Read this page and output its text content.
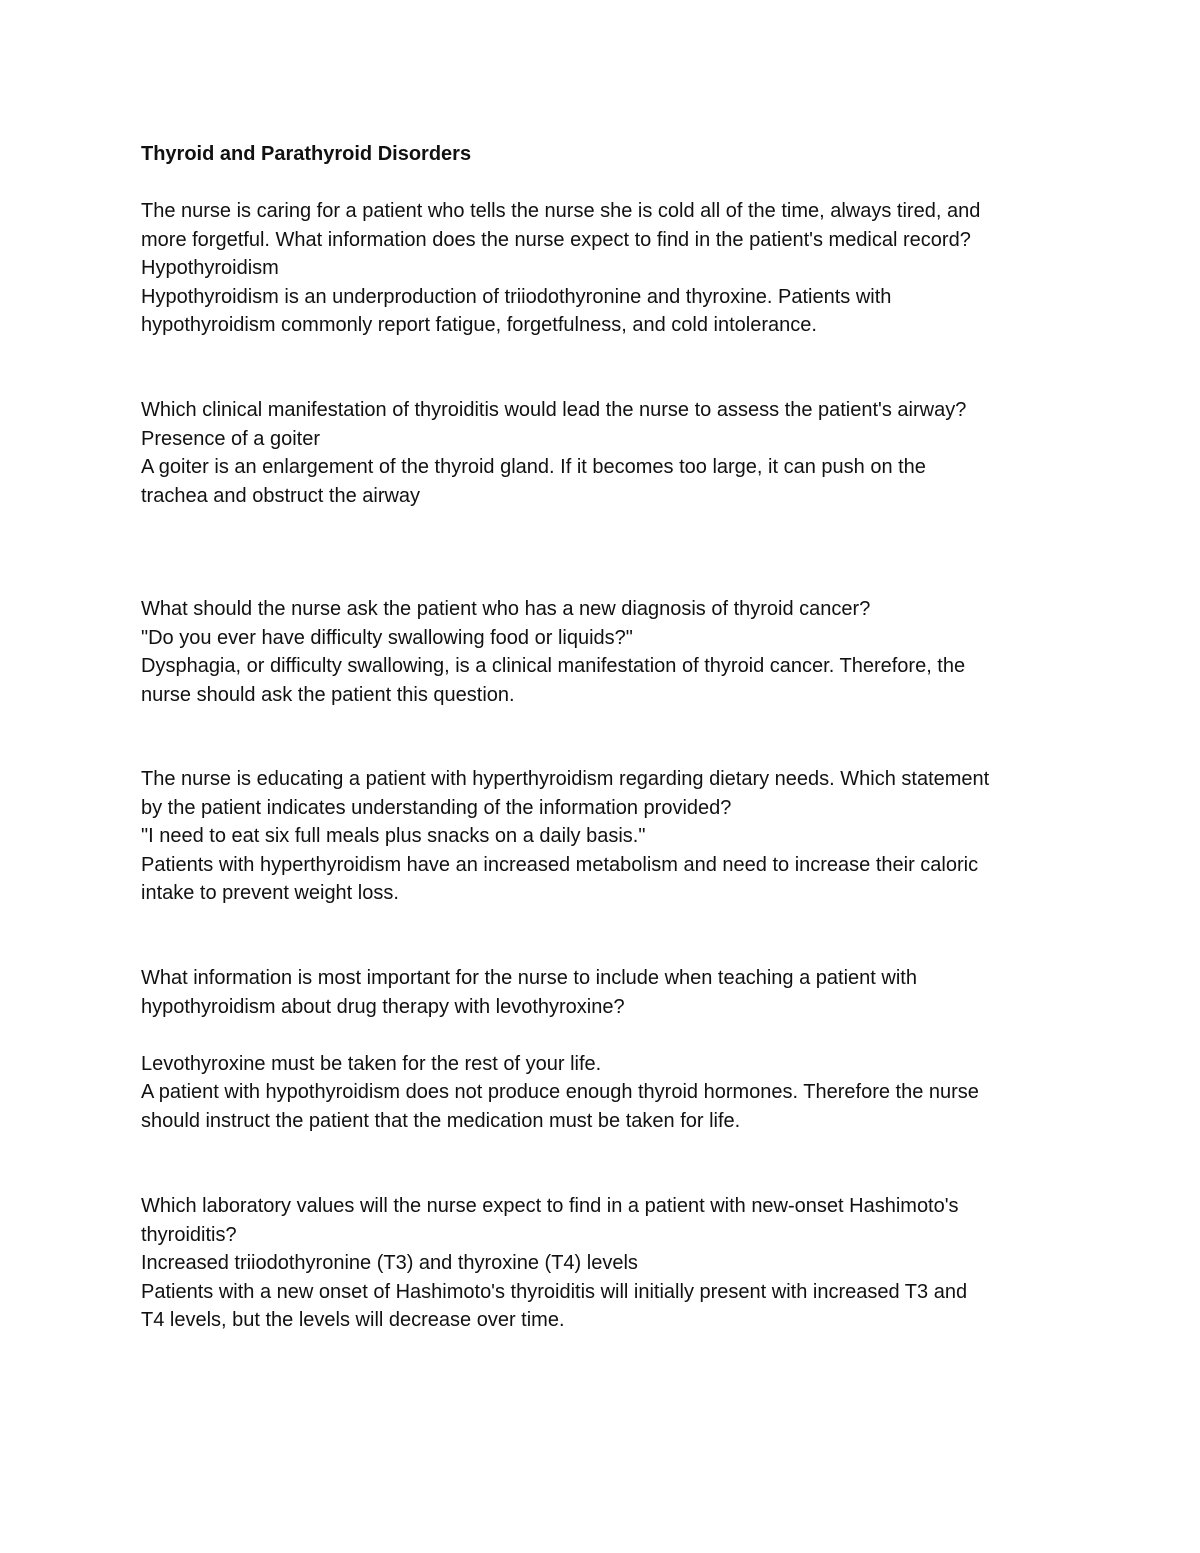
Thyroid and Parathyroid Disorders

The nurse is caring for a patient who tells the nurse she is cold all of the time, always tired, and

more forgetful. What information does the nurse expect to find in the patient's medical record?

Hypothyroidism

Hypothyroidism is an underproduction of triiodothyronine and thyroxine. Patients with

hypothyroidism commonly report fatigue, forgetfulness, and cold intolerance.

Which clinical manifestation of thyroiditis would lead the nurse to assess the patient's airway?

Presence of a goiter

A goiter is an enlargement of the thyroid gland. If it becomes too large, it can push on the

trachea and obstruct the airway

What should the nurse ask the patient who has a new diagnosis of thyroid cancer?

"Do you ever have difficulty swallowing food or liquids?"

Dysphagia, or difficulty swallowing, is a clinical manifestation of thyroid cancer. Therefore, the

nurse should ask the patient this question.

The nurse is educating a patient with hyperthyroidism regarding dietary needs. Which statement

by the patient indicates understanding of the information provided?

"I need to eat six full meals plus snacks on a daily basis."

Patients with hyperthyroidism have an increased metabolism and need to increase their caloric

intake to prevent weight loss.

What information is most important for the nurse to include when teaching a patient with

hypothyroidism about drug therapy with levothyroxine?

Levothyroxine must be taken for the rest of your life.

A patient with hypothyroidism does not produce enough thyroid hormones. Therefore the nurse

should instruct the patient that the medication must be taken for life.

Which laboratory values will the nurse expect to find in a patient with new-onset Hashimoto's

thyroiditis?

Increased triiodothyronine (T3) and thyroxine (T4) levels

Patients with a new onset of Hashimoto's thyroiditis will initially present with increased T3 and

T4 levels, but the levels will decrease over time.
